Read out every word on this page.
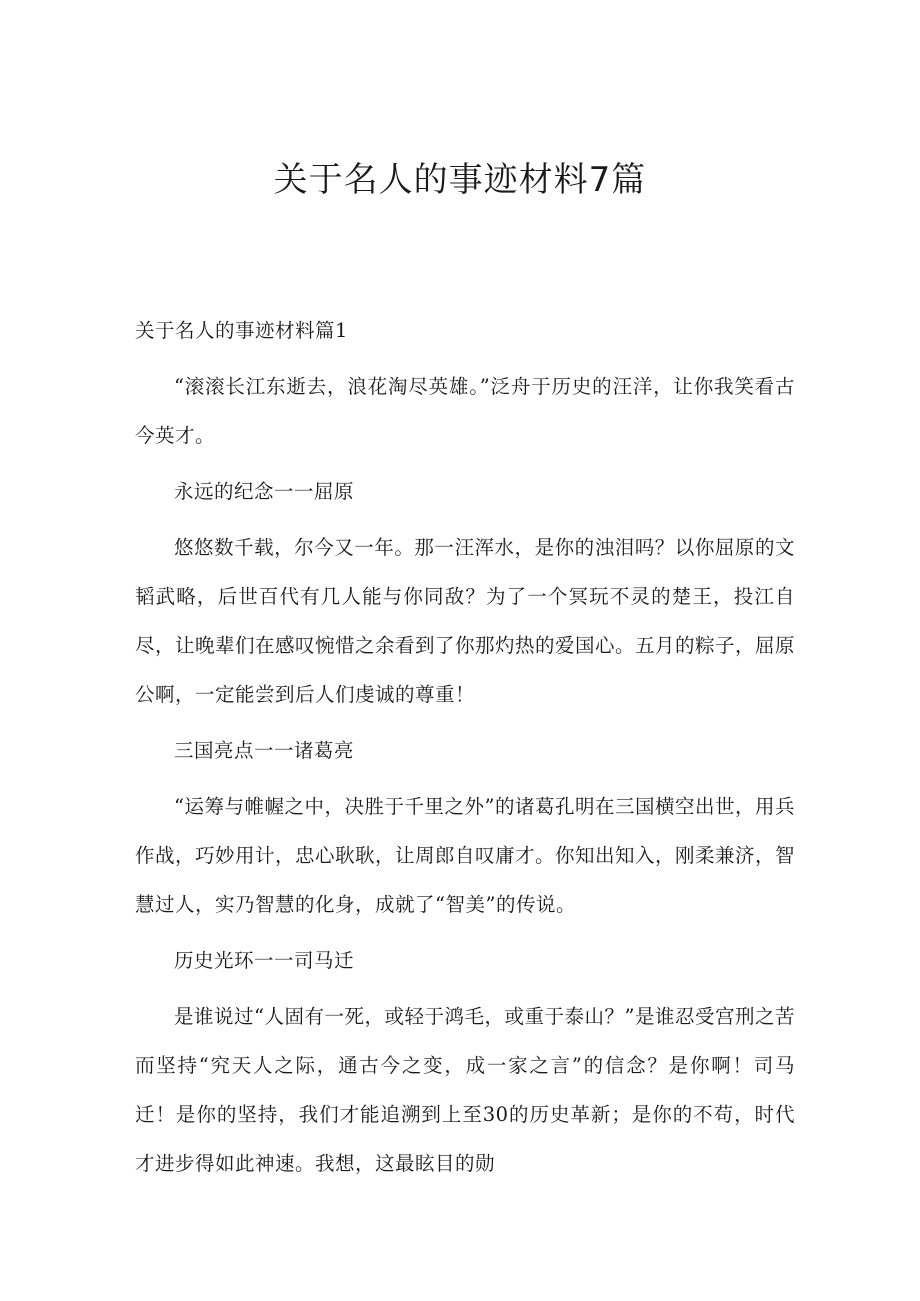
关于名人的事迹材料7篇

关于名人的事迹材料篇1

“滚滚长江东逝去，浪花淘尽英雄。”泛舟于历史的汪洋，让你我笑看古今英才。

永远的纪念一一屈原

悠悠数千载，尔今又一年。那一汪浑水，是你的浊泪吗？以你屈原的文韬武略，后世百代有几人能与你同敌？为了一个冥玩不灵的楚王，投江自尽，让晚辈们在感叹惋惜之余看到了你那灼热的爱国心。五月的粽子，屈原公啊，一定能尝到后人们虔诚的尊重！

三国亮点一一诸葛亮

“运筹与帷幄之中，决胜于千里之外”的诸葛孔明在三国横空出世，用兵作战，巧妙用计，忠心耿耿，让周郎自叹庸才。你知出知入，刚柔兼济，智慧过人，实乃智慧的化身，成就了“智美”的传说。

历史光环一一司马迁

是谁说过“人固有一死，或轻于鸿毛，或重于泰山？”是谁忍受宫刑之苦而坚持“究天人之际，通古今之变，成一家之言”的信念？是你啊！司马迁！是你的坚持，我们才能追溯到上至30的历史革新；是你的不苟，时代才进步得如此神速。我想，这最眩目的勋
